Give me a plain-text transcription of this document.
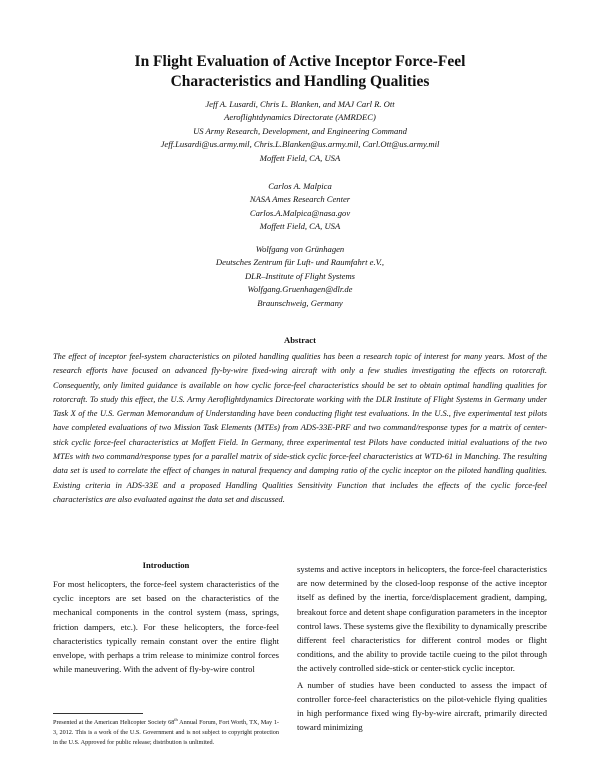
In Flight Evaluation of Active Inceptor Force-Feel
Characteristics and Handling Qualities
Jeff A. Lusardi, Chris L. Blanken, and MAJ Carl R. Ott
Aeroflightdynamics Directorate (AMRDEC)
US Army Research, Development, and Engineering Command
Jeff.Lusardi@us.army.mil, Chris.L.Blanken@us.army.mil, Carl.Ott@us.army.mil
Moffett Field, CA, USA
Carlos A. Malpica
NASA Ames Research Center
Carlos.A.Malpica@nasa.gov
Moffett Field, CA, USA
Wolfgang von Grünhagen
Deutsches Zentrum für Luft- und Raumfahrt e.V.,
DLR–Institute of Flight Systems
Wolfgang.Gruenhagen@dlr.de
Braunschweig, Germany
Abstract
The effect of inceptor feel-system characteristics on piloted handling qualities has been a research topic of interest for many years. Most of the research efforts have focused on advanced fly-by-wire fixed-wing aircraft with only a few studies investigating the effects on rotorcraft. Consequently, only limited guidance is available on how cyclic force-feel characteristics should be set to obtain optimal handling qualities for rotorcraft. To study this effect, the U.S. Army Aeroflightdynamics Directorate working with the DLR Institute of Flight Systems in Germany under Task X of the U.S. German Memorandum of Understanding have been conducting flight test evaluations. In the U.S., five experimental test pilots have completed evaluations of two Mission Task Elements (MTEs) from ADS-33E-PRF and two command/response types for a matrix of center-stick cyclic force-feel characteristics at Moffett Field. In Germany, three experimental test Pilots have conducted initial evaluations of the two MTEs with two command/response types for a parallel matrix of side-stick cyclic force-feel characteristics at WTD-61 in Manching. The resulting data set is used to correlate the effect of changes in natural frequency and damping ratio of the cyclic inceptor on the piloted handling qualities. Existing criteria in ADS-33E and a proposed Handling Qualities Sensitivity Function that includes the effects of the cyclic force-feel characteristics are also evaluated against the data set and discussed.
Introduction

For most helicopters, the force-feel system characteristics of the cyclic inceptors are set based on the characteristics of the mechanical components in the control system (mass, springs, friction dampers, etc.). For these helicopters, the force-feel characteristics typically remain constant over the entire flight envelope, with perhaps a trim release to minimize control forces while maneuvering. With the advent of fly-by-wire control

systems and active inceptors in helicopters, the force-feel characteristics are now determined by the closed-loop response of the active inceptor itself as defined by the inertia, force/displacement gradient, damping, breakout force and detent shape configuration parameters in the inceptor control laws. These systems give the flexibility to dynamically prescribe different feel characteristics for different control modes or flight conditions, and the ability to provide tactile cueing to the pilot through the actively controlled side-stick or center-stick cyclic inceptor.

A number of studies have been conducted to assess the impact of controller force-feel characteristics on the pilot-vehicle flying qualities in high performance fixed wing fly-by-wire aircraft, primarily directed toward minimizing

Presented at the American Helicopter Society 68th Annual Forum, Fort Worth, TX, May 1-3, 2012. This is a work of the U.S. Government and is not subject to copyright protection in the U.S. Approved for public release; distribution is unlimited.
